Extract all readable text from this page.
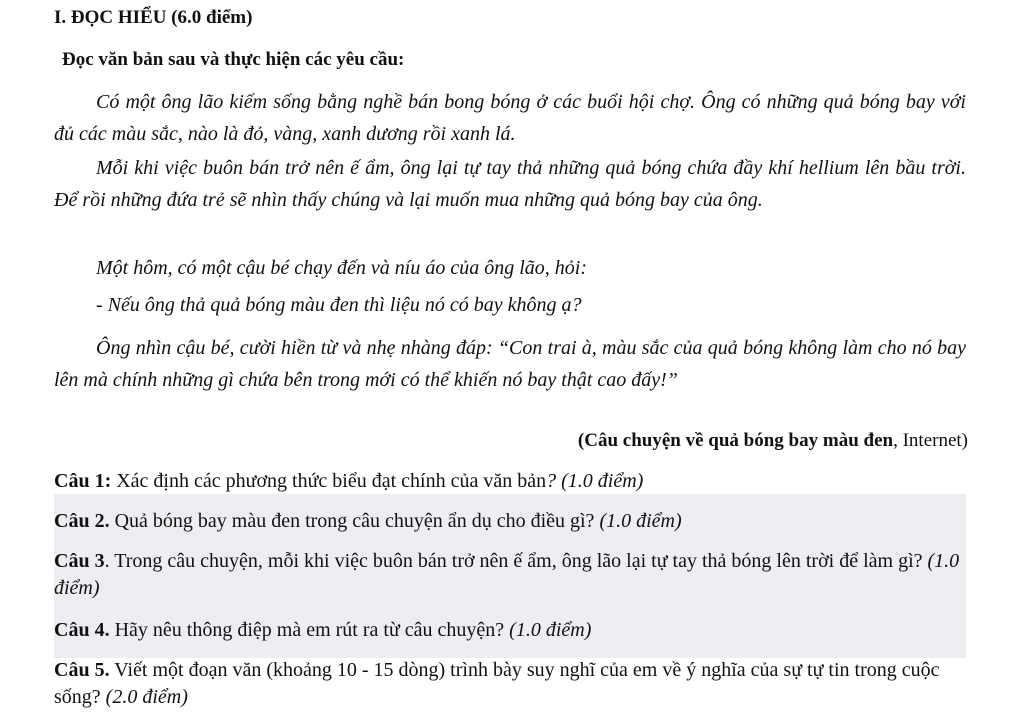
I. ĐỌC HIỂU (6.0 điểm)
Đọc văn bản sau và thực hiện các yêu cầu:

Có một ông lão kiếm sống bằng nghề bán bong bóng ở các buổi hội chợ. Ông có những quả bóng bay với đủ các màu sắc, nào là đỏ, vàng, xanh dương rồi xanh lá.

Mỗi khi việc buôn bán trở nên ế ẩm, ông lại tự tay thả những quả bóng chứa đầy khí hellium lên bầu trời. Để rồi những đứa trẻ sẽ nhìn thấy chúng và lại muốn mua những quả bóng bay của ông.

Một hôm, có một cậu bé chạy đến và níu áo của ông lão, hỏi:

- Nếu ông thả quả bóng màu đen thì liệu nó có bay không ạ?

Ông nhìn cậu bé, cười hiền từ và nhẹ nhàng đáp: “Con trai à, màu sắc của quả bóng không làm cho nó bay lên mà chính những gì chứa bên trong mới có thể khiến nó bay thật cao đấy!”

(Câu chuyện về quả bóng bay màu đen, Internet)

Câu 1: Xác định các phương thức biểu đạt chính của văn bản? (1.0 điểm)

Câu 2. Quả bóng bay màu đen trong câu chuyện ẩn dụ cho điều gì? (1.0 điểm)

Câu 3. Trong câu chuyện, mỗi khi việc buôn bán trở nên ế ẩm, ông lão lại tự tay thả bóng lên trời để làm gì? (1.0 điểm)

Câu 4. Hãy nêu thông điệp mà em rút ra từ câu chuyện? (1.0 điểm)

Câu 5. Viết một đoạn văn (khoảng 10 - 15 dòng) trình bày suy nghĩ của em về ý nghĩa của sự tự tin trong cuộc sống? (2.0 điểm)
